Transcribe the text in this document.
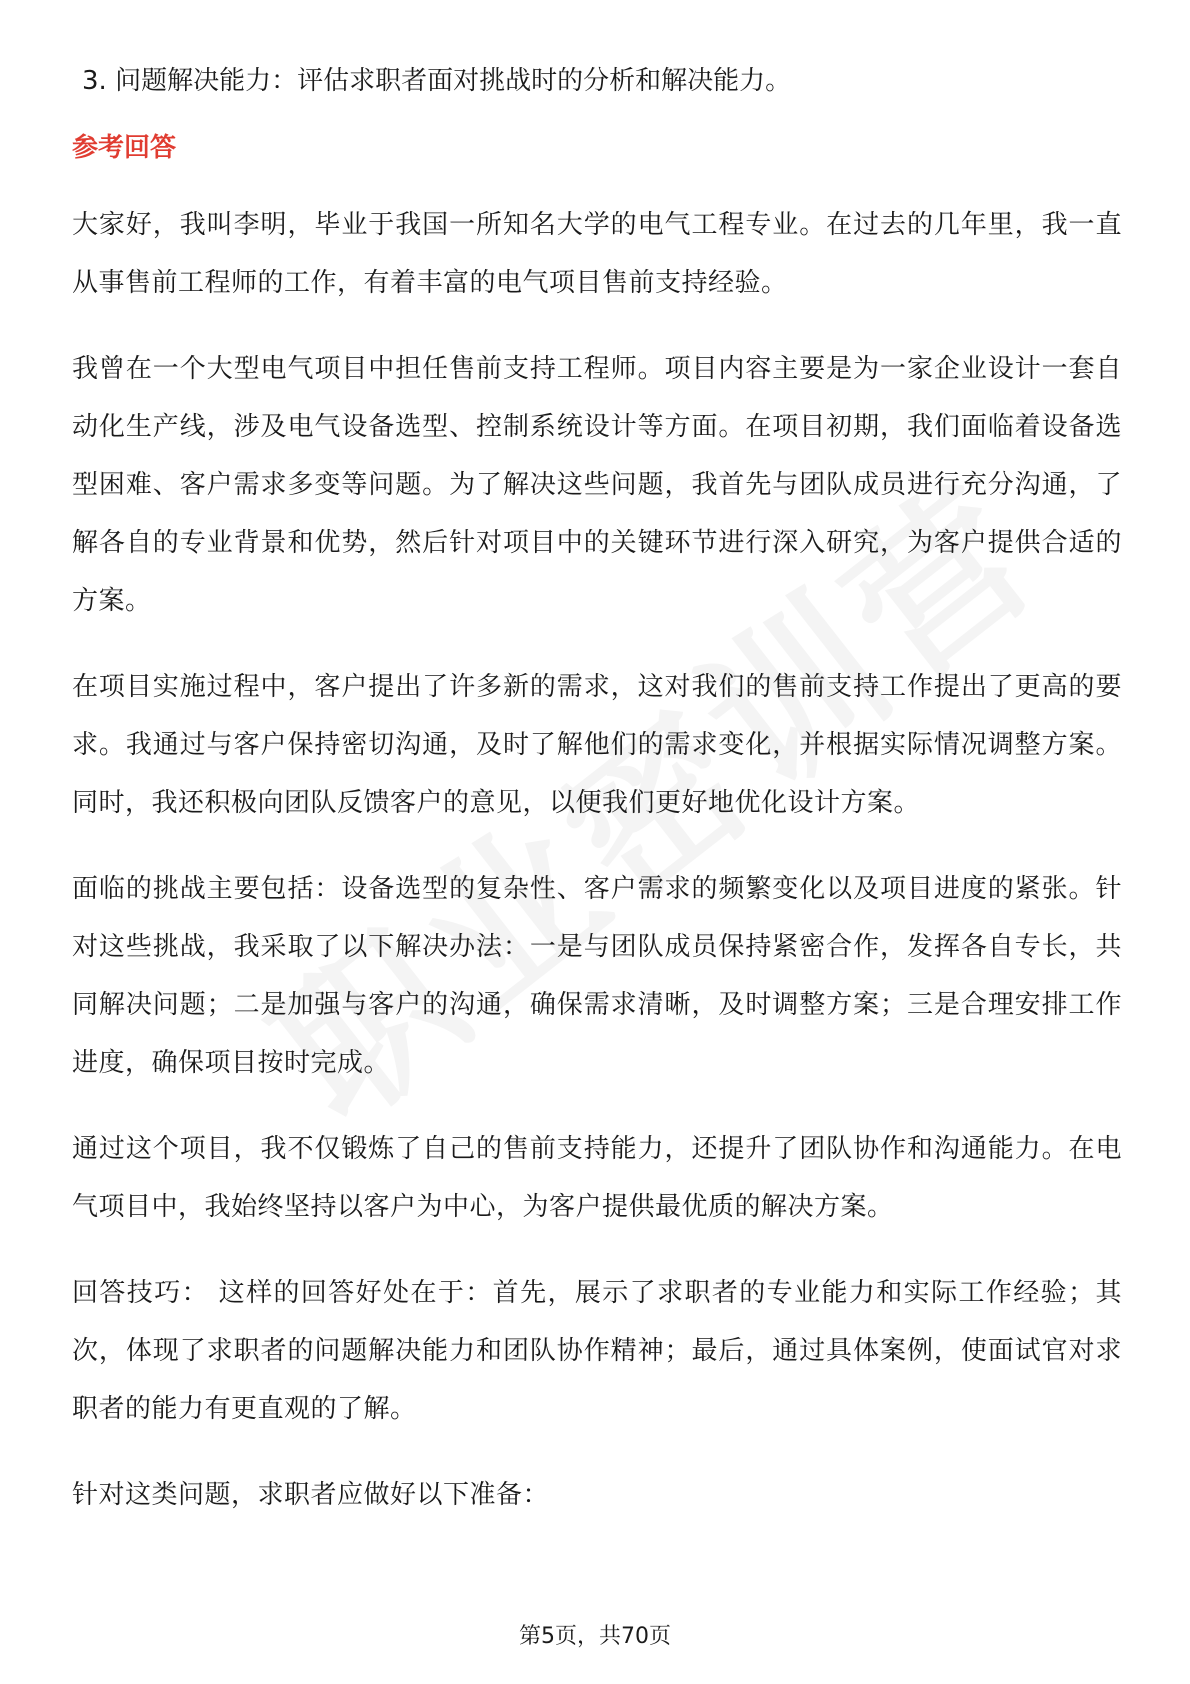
3. 问题解决能力：评估求职者面对挑战时的分析和解决能力。
参考回答

大家好，我叫李明，毕业于我国一所知名大学的电气工程专业。在过去的几年里，我一直从事售前工程师的工作，有着丰富的电气项目售前支持经验。

我曾在一个大型电气项目中担任售前支持工程师。项目内容主要是为一家企业设计一套自动化生产线，涉及电气设备选型、控制系统设计等方面。在项目初期，我们面临着设备选型困难、客户需求多变等问题。为了解决这些问题，我首先与团队成员进行充分沟通，了解各自的专业背景和优势，然后针对项目中的关键环节进行深入研究，为客户提供合适的方案。

在项目实施过程中，客户提出了许多新的需求，这对我们的售前支持工作提出了更高的要求。我通过与客户保持密切沟通，及时了解他们的需求变化，并根据实际情况调整方案。同时，我还积极向团队反馈客户的意见，以便我们更好地优化设计方案。

面临的挑战主要包括：设备选型的复杂性、客户需求的频繁变化以及项目进度的紧张。针对这些挑战，我采取了以下解决办法：一是与团队成员保持紧密合作，发挥各自专长，共同解决问题；二是加强与客户的沟通，确保需求清晰，及时调整方案；三是合理安排工作进度，确保项目按时完成。

通过这个项目，我不仅锻炼了自己的售前支持能力，还提升了团队协作和沟通能力。在电气项目中，我始终坚持以客户为中心，为客户提供最优质的解决方案。

回答技巧： 这样的回答好处在于：首先，展示了求职者的专业能力和实际工作经验；其次，体现了求职者的问题解决能力和团队协作精神；最后，通过具体案例，使面试官对求职者的能力有更直观的了解。

针对这类问题，求职者应做好以下准备：

第5页，共70页
